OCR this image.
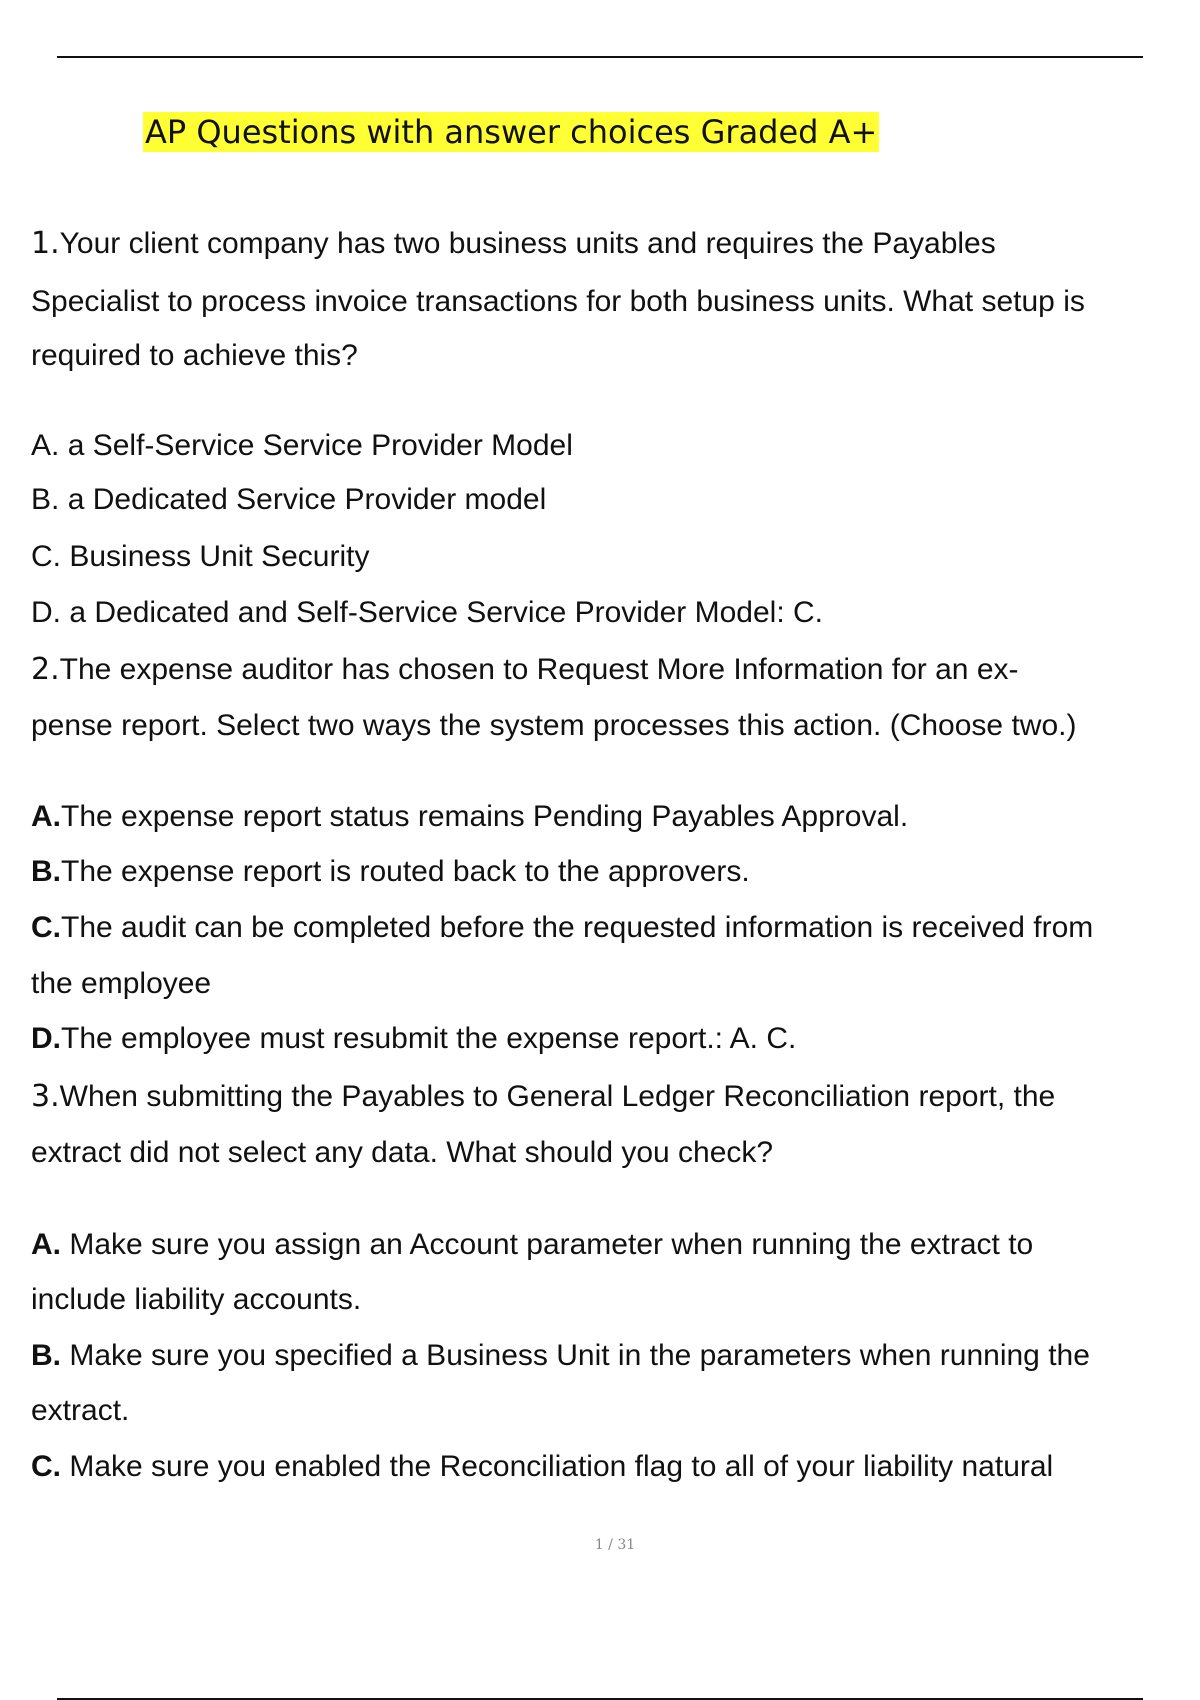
AP Questions with answer choices Graded A+
1.Your client company has two business units and requires the Payables
Specialist to process invoice transactions for both business units. What setup is
required to achieve this?
A. a Self-Service Service Provider Model
B. a Dedicated Service Provider model
C. Business Unit Security
D. a Dedicated and Self-Service Service Provider Model: C.
2.The expense auditor has chosen to Request More Information for an ex-
pense report. Select two ways the system processes this action. (Choose two.)
A.The expense report status remains Pending Payables Approval.
B.The expense report is routed back to the approvers.
C.The audit can be completed before the requested information is received from
the employee
D.The employee must resubmit the expense report.: A. C.
3.When submitting the Payables to General Ledger Reconciliation report, the
extract did not select any data. What should you check?
A. Make sure you assign an Account parameter when running the extract to
include liability accounts.
B. Make sure you specified a Business Unit in the parameters when running the
extract.
C. Make sure you enabled the Reconciliation flag to all of your liability natural
1 / 31
